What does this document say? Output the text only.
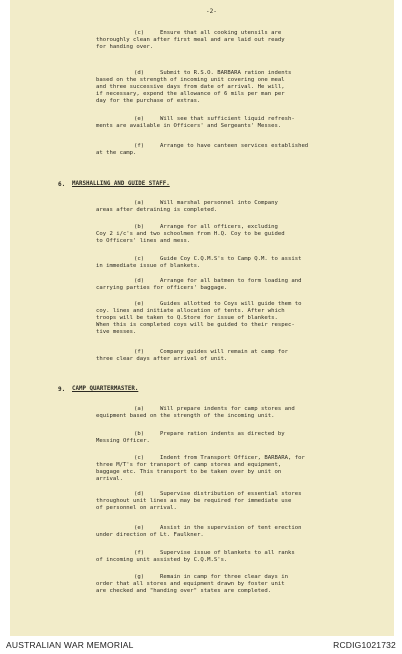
-2-
(c)	Ensure that all cooking utensils are
thoroughly clean after first meal and are laid out ready
for handing over.
(d)	Submit to R.S.O. BARBARA ration indents
based on the strength of incoming unit covering one meal
and three successive days from date of arrival. He will,
if necessary, expend the allowance of 6 mils per man per
day for the purchase of extras.
(e)	Will see that sufficient liquid refresh-
ments are available in Officers' and Sergeants' Messes.
(f)	Arrange to have canteen services established
at the camp.
6. MARSHALLING AND GUIDE STAFF.
(a)	Will marshal personnel into Company
areas after detraining is completed.
(b)	Arrange for all officers, excluding
Coy 2 i/c's and two schoolmen from H.Q. Coy to be guided
to Officers' lines and mess.
(c)	Guide Coy C.Q.M.S's to Camp Q.M. to assist
in immediate issue of blankets.
(d)	Arrange for all batmen to form loading and
carrying parties for officers' baggage.
(e)	Guides allotted to Coys will guide them to
coy. lines and initiate allocation of tents. After which
troops will be taken to Q.Store for issue of blankets.
When this is completed coys will be guided to their respec-
tive messes.
(f)	Company guides will remain at camp for
three clear days after arrival of unit.
9. CAMP QUARTERMASTER.
(a)	Will prepare indents for camp stores and
equipment based on the strength of the incoming unit.
(b)	Prepare ration indents as directed by
Messing Officer.
(c)	Indent from Transport Officer, BARBARA, for
three M/T's for transport of camp stores and equipment,
baggage etc. This transport to be taken over by unit on
arrival.
(d)	Supervise distribution of essential stores
throughout unit lines as may be required for immediate use
of personnel on arrival.
(e)	Assist in the supervision of tent erection
under direction of Lt. Faulkner.
(f)	Supervise issue of blankets to all ranks
of incoming unit assisted by C.Q.M.S's.
(g)	Remain in camp for three clear days in
order that all stores and equipment drawn by foster unit
are checked and "handing over" states are completed.
AUSTRALIAN WAR MEMORIAL	RCDIG1021732
